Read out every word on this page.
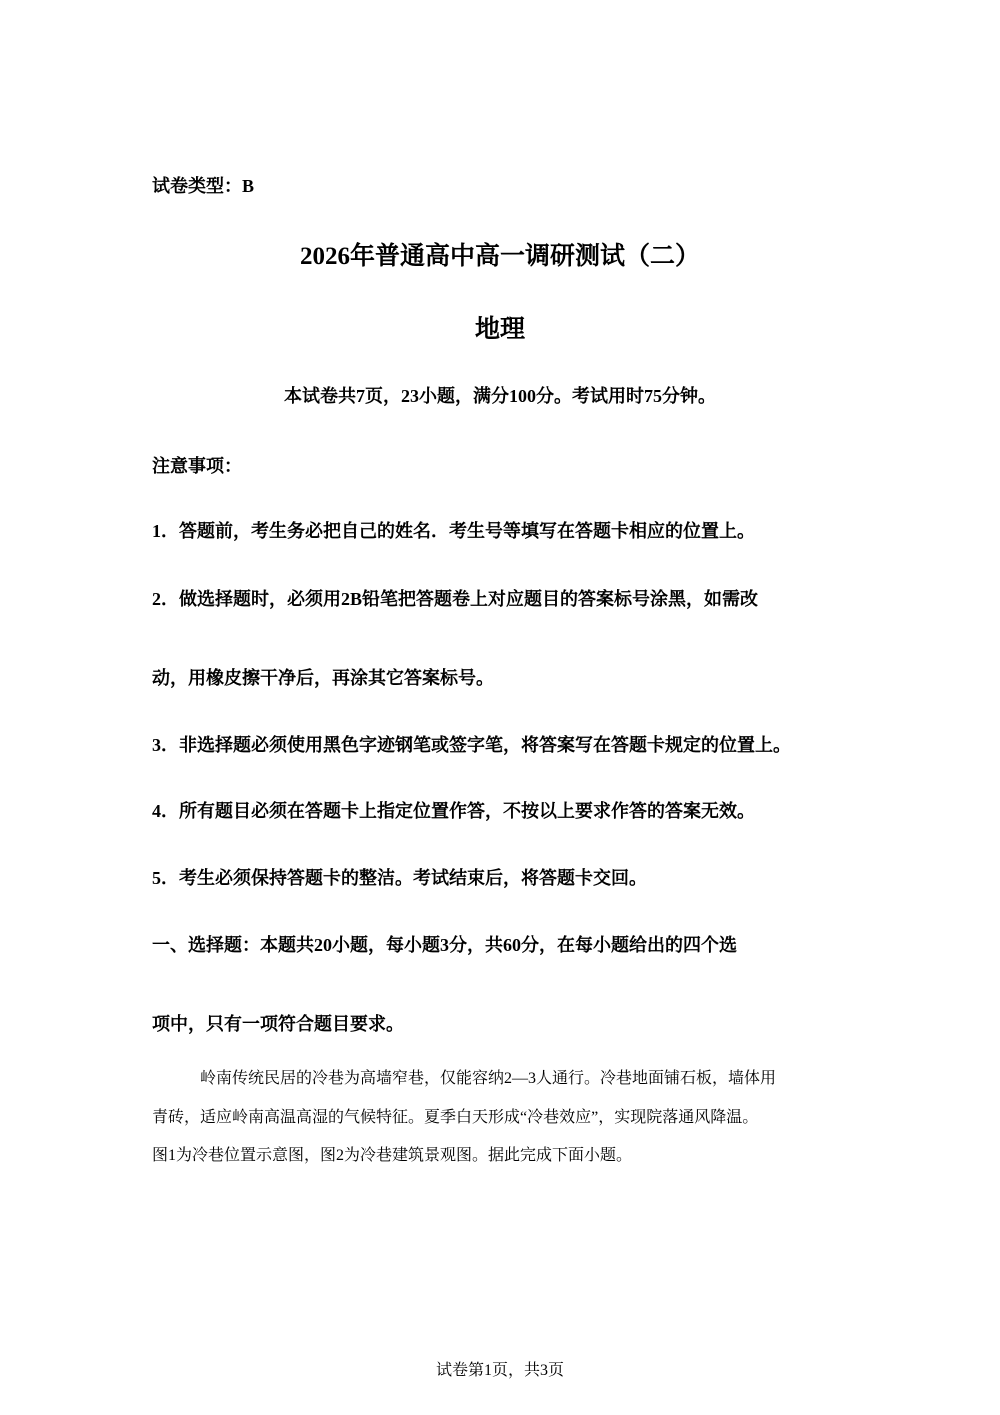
试卷类型：B
2026年普通高中高一调研测试（二）
地理
本试卷共7页，23小题，满分100分。考试用时75分钟。
注意事项：
1．答题前，考生务必把自己的姓名．考生号等填写在答题卡相应的位置上。
2．做选择题时，必须用2B铅笔把答题卷上对应题目的答案标号涂黑，如需改
动，用橡皮擦干净后，再涂其它答案标号。
3．非选择题必须使用黑色字迹钢笔或签字笔，将答案写在答题卡规定的位置上。
4．所有题目必须在答题卡上指定位置作答，不按以上要求作答的答案无效。
5．考生必须保持答题卡的整洁。考试结束后，将答题卡交回。
一、选择题：本题共20小题，每小题3分，共60分，在每小题给出的四个选
项中，只有一项符合题目要求。
岭南传统民居的冷巷为高墙窄巷，仅能容纳2—3人通行。冷巷地面铺石板，墙体用
青砖，适应岭南高温高湿的气候特征。夏季白天形成“冷巷效应”，实现院落通风降温。
图1为冷巷位置示意图，图2为冷巷建筑景观图。据此完成下面小题。
试卷第1页，共3页
